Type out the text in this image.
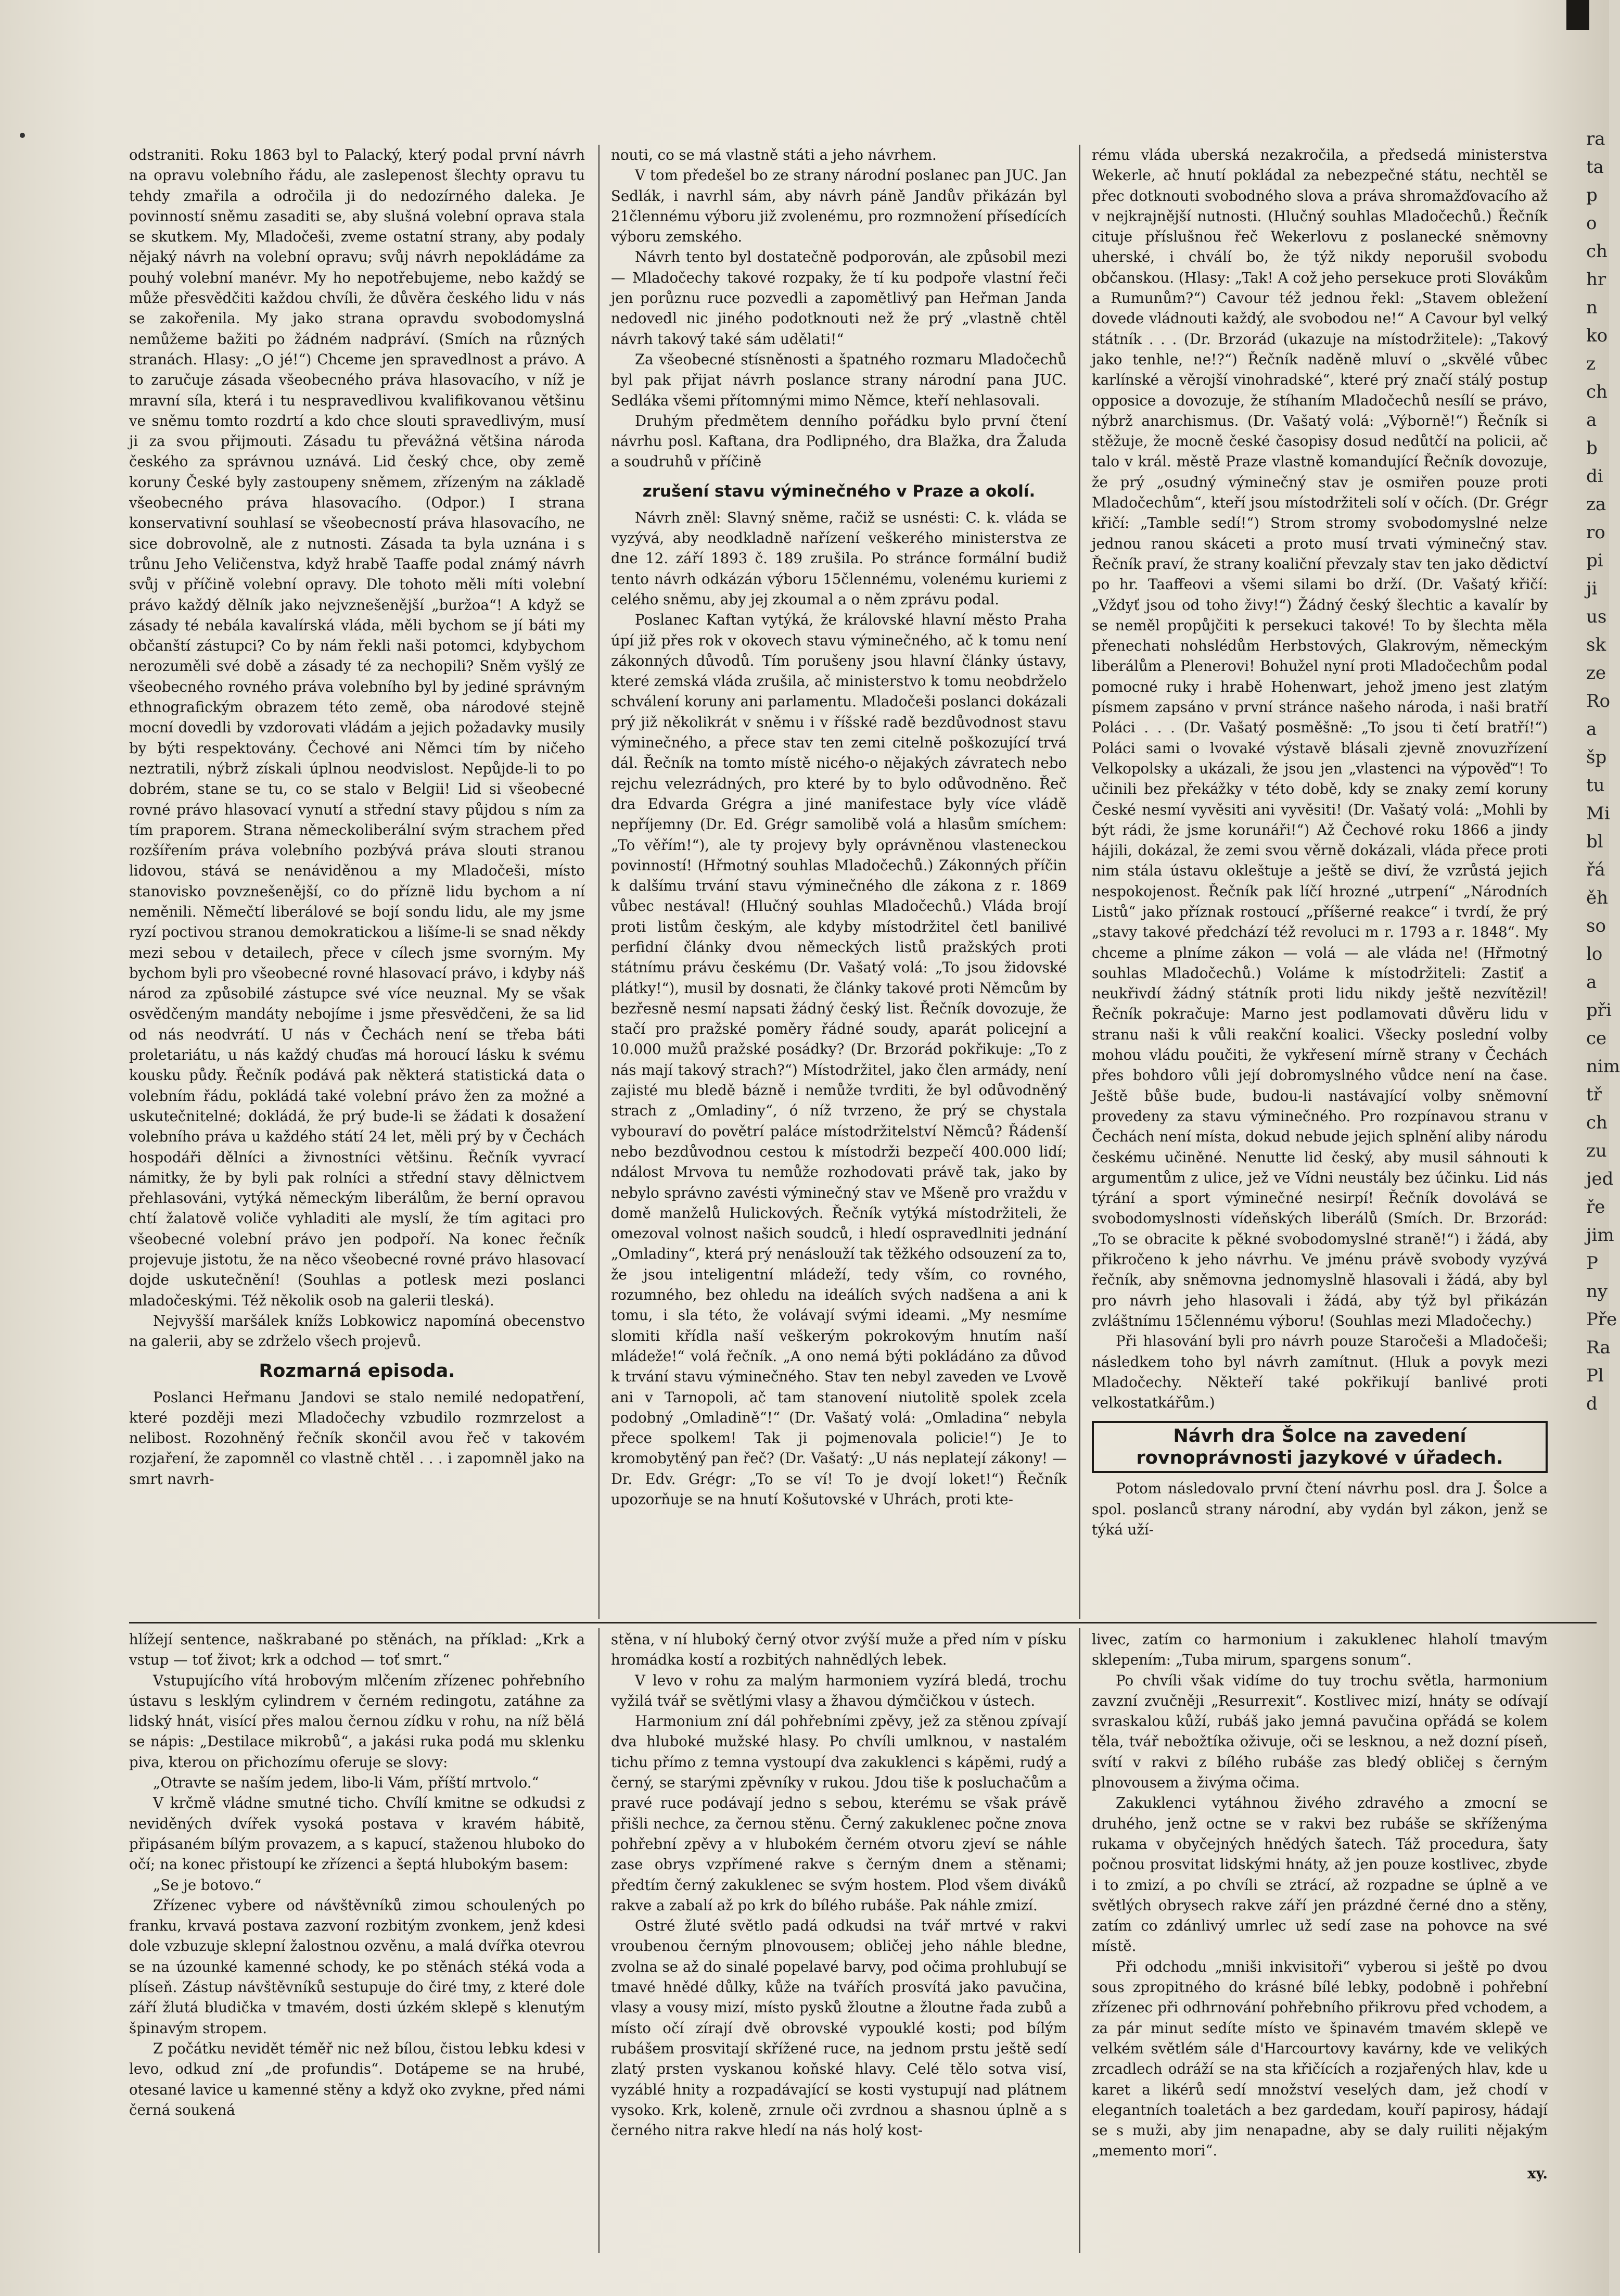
ra
ta
p
o
ch
hr
n
ko
z
ch
a
b
di
za
ro
pi
ji
us
sk
ze
Ro
a
šp
tu
Mi
bl
řá
ěh
so
lo
a
při
ce
nim
tř
ch
zu
jed
ře
jim
P
ny
Pře
Ra
Pl
d

odstraniti. Roku 1863 byl to Palacký, který podal první návrh na opravu volebního řádu, ale zaslepenost šlechty opravu tu tehdy zmařila a odročila ji do nedozírného daleka. Je povinností sněmu zasaditi se, aby slušná volební oprava stala se skutkem. My, Mladočeši, zveme ostatní strany, aby podaly nějaký návrh na volební opravu; svůj návrh nepokládáme za pouhý volební manévr. My ho nepotřebujeme, nebo každý se může přesvědčiti každou chvíli, že důvěra českého lidu v nás se zakořenila. My jako strana opravdu svobodomyslná nemůžeme bažiti po žádném nadpráví. (Smích na různých stranách. Hlasy: „O jé!“) Chceme jen spravedlnost a právo. A to zaručuje zásada všeobecného práva hlasovacího, v níž je mravní síla, která i tu nespravedlivou kvalifikovanou většinu ve sněmu tomto rozdrtí a kdo chce slouti spravedlivým, musí ji za svou přijmouti. Zásadu tu převážná většina národa českého za správnou uznává. Lid český chce, oby země koruny České byly zastoupeny sněmem, zřízeným na základě všeobecného práva hlasovacího. (Odpor.) I strana konservativní souhlasí se všeobecností práva hlasovacího, ne sice dobrovolně, ale z nutnosti. Zásada ta byla uznána i s trůnu Jeho Veličenstva, když hrabě Taaffe podal známý návrh svůj v příčině volební opravy. Dle tohoto měli míti volební právo každý dělník jako nejvznešenější „buržoa“! A když se zásady té nebála kavalírská vláda, měli bychom se jí báti my občanští zástupci? Co by nám řekli naši potomci, kdybychom nerozuměli své době a zásady té za nechopili? Sněm vyšlý ze všeobecného rovného práva volebního byl by jediné správným ethnografickým obrazem této země, oba národové stejně mocní dovedli by vzdorovati vládám a jejich požadavky musily by býti respektovány. Čechové ani Němci tím by ničeho neztratili, nýbrž získali úplnou neodvislost. Nepůjde-li to po dobrém, stane se tu, co se stalo v Belgii! Lid si všeobecné rovné právo hlasovací vynutí a střední stavy půjdou s ním za tím praporem. Strana německoliberální svým strachem před rozšířením práva volebního pozbývá práva slouti stranou lidovou, stává se nenáviděnou a my Mladočeši, místo stanovisko povznešenější, co do příznë lidu bychom a ní neměnili. Němečtí liberálové se bojí sondu lidu, ale my jsme ryzí poctivou stranou demokratickou a lišíme-li se snad někdy mezi sebou v detailech, přece v cílech jsme svorným. My bychom byli pro všeobecné rovné hlasovací právo, i kdyby náš národ za způsobilé zástupce své více neuznal. My se však osvědčeným mandáty nebojíme i jsme přesvědčeni, že sa lid od nás neodvrátí. U nás v Čechách není se třeba báti proletariátu, u nás každý chuďas má horoucí lásku k svému kousku půdy. Řečník podává pak některá statistická data o volebním řádu, pokládá také volební právo žen za možné a uskutečnitelné; dokládá, že prý bude-li se žádati k dosažení volebního práva u každého státí 24 let, měli prý by v Čechách hospodáři dělníci a živnostníci většinu. Řečník vyvrací námitky, že by byli pak rolníci a střední stavy dělnictvem přehlasováni, vytýká německým liberálům, že berní opravou chtí žalatově voliče vyhladiti ale myslí, že tím agitaci pro všeobecné volební právo jen podpoří. Na konec řečník projevuje jistotu, že na něco všeobecné rovné právo hlasovací dojde uskutečnění! (Souhlas a potlesk mezi poslanci mladočeskými. Též několik osob na galerii tleská).

Nejvyšší maršálek knížs Lobkowicz napomíná obecenstvo na galerii, aby se zdrželo všech projevů.

Rozmarná episoda.

Poslanci Heřmanu Jandovi se stalo nemilé nedopatření, které později mezi Mladočechy vzbudilo rozmrzelost a nelibost. Rozohněný řečník skončil avou řeč v takovém rozjaření, že zapomněl co vlastně chtěl . . . i zapomněl jako na smrt navrh-

nouti, co se má vlastně státi a jeho návrhem.

V tom předešel bo ze strany národní poslanec pan JUC. Jan Sedlák, i navrhl sám, aby návrh páně Jandův přikázán byl 21člennému výboru již zvolenému, pro rozmnožení přísedících výboru zemského.

Návrh tento byl dostatečně podporován, ale způsobil mezi— Mladočechy takové rozpaky, že tí ku podpoře vlastní řeči jen porůznu ruce pozvedli a zapomětlivý pan Heřman Janda nedovedl nic jiného podotknouti než že prý „vlastně chtěl návrh takový také sám udělati!“

Za všeobecné stísněnosti a špatného rozmaru Mladočechů byl pak přijat návrh poslance strany národní pana JUC. Sedláka všemi přítomnými mimo Němce, kteří nehlasovali.

Druhým předmětem denního pořádku bylo první čtení návrhu posl. Kaftana, dra Podlipného, dra Blažka, dra Žaluda a soudruhů v příčině

zrušení stavu výminečného v Praze a okolí.

Návrh zněl: Slavný sněme, račiž se usnésti: C. k. vláda se vyzývá, aby neodkladně nařízení veškerého ministerstva ze dne 12. září 1893 č. 189 zrušila. Po stránce formální budiž tento návrh odkázán výboru 15člennému, volenému kuriemi z celého sněmu, aby jej zkoumal a o něm zprávu podal.

Poslanec Kaftan vytýká, že královské hlavní město Praha úpí již přes rok v okovech stavu výminečného, ač k tomu není zákonných důvodů. Tím porušeny jsou hlavní články ústavy, které zemská vláda zrušila, ač ministerstvo k tomu neobdrželo schválení koruny ani parlamentu. Mladočeši poslanci dokázali prý již několikrát v sněmu i v říšské radě bezdůvodnost stavu výminečného, a přece stav ten zemi citelně poškozující trvá dál. Řečník na tomto místě nicého-o nějakých závratech nebo rejchu velezrádných, pro které by to bylo odůvodněno. Řeč dra Edvarda Grégra a jiné manifestace byly více vládě nepříjemny (Dr. Ed. Grégr samolibě volá a hlasům smíchem: „To věřím!“), ale ty projevy byly oprávněnou vlasteneckou povinností! (Hřmotný souhlas Mladočechů.) Zákonných příčin k dalšímu trvání stavu výminečného dle zákona z r. 1869 vůbec nestával! (Hlučný souhlas Mladočechů.) Vláda brojí proti listům českým, ale kdyby místodržitel četl banilivé perfidní články dvou německých listů pražských proti státnímu právu českému (Dr. Vašatý volá: „To jsou židovské plátky!“), musil by dosnati, že články takové proti Němcům by bezřesně nesmí napsati žádný český list. Řečník dovozuje, že stačí pro pražské poměry řádné soudy, aparát policejní a 10.000 mužů pražské posádky? (Dr. Brzorád pokřikuje: „To z nás mají takový strach?“) Místodržitel, jako člen armády, není zajisté mu bledě bázně i nemůže tvrditi, že byl odůvodněný strach z „Omladiny“, ó níž tvrzeno, že prý se chystala vybouraví do povětrí paláce místodržitelství Němců? Řádenší nebo bezdůvodnou cestou k místodrži bezpečí 400.000 lidí; ndálost Mrvova tu nemůže rozhodovati právě tak, jako by nebylo správno zavésti výminečný stav ve Mšeně pro vraždu v domě manželů Hulickových. Řečník vytýká místodržiteli, že omezoval volnost našich soudců, i hledí ospravedlniti jednání „Omladiny“, která prý nenáslouží tak těžkého odsouzení za to, že jsou inteligentní mládeží, tedy vším, co rovného, rozumného, bez ohledu na ideálích svých nadšena a ani k tomu, i sla této, že volávají svými ideami. „My nesmíme slomiti křídla naší veškerým pokrokovým hnutím naší mládeže!“ volá řečník. „A ono nemá býti pokládáno za důvod k trvání stavu výminečného. Stav ten nebyl zaveden ve Lvově ani v Tarnopoli, ač tam stanovení niutolitě spolek zcela podobný „Omladině“!“ (Dr. Vašatý volá: „Omladina“ nebyla přece spolkem! Tak ji pojmenovala policie!“) Je to kromobytěný pan řeč? (Dr. Vašatý: „U nás neplatejí zákony! — Dr. Edv. Grégr: „To se ví! To je dvojí loket!“) Řečník upozorňuje se na hnutí Košutovské v Uhrách, proti kte-

rému vláda uberská nezakročila, a předsedá ministerstva Wekerle, ač hnutí pokládal za nebezpečné státu, nechtěl se přec dotknouti svobodného slova a práva shromažďovacího až v nejkrajnější nutnosti. (Hlučný souhlas Mladočechů.) Řečník cituje příslušnou řeč Wekerlovu z poslanecké sněmovny uherské, i chválí bo, že týž nikdy neporušil svobodu občanskou. (Hlasy: „Tak! A což jeho persekuce proti Slovákům a Rumunům?“) Cavour též jednou řekl: „Stavem obležení dovede vládnouti každý, ale svobodou ne!“ A Cavour byl velký státník . . . (Dr. Brzorád (ukazuje na místodržitele): „Takový jako tenhle, ne!?“) Řečník naděně mluví o „skvělé vůbec karlínské a věrojší vinohradské“, které prý značí stálý postup opposice a dovozuje, že stíhaním Mladočechů nesílí se právo, nýbrž anarchismus. (Dr. Vašatý volá: „Výborně!“) Řečník si stěžuje, že mocně české časopisy dosud nedůtčí na policii, ač talo v král. městě Praze vlastně komandující Řečník dovozuje, že prý „osudný výminečný stav je osmiřen pouze proti Mladočechům“, kteří jsou místodržiteli solí v očích. (Dr. Grégr křičí: „Tamble sedí!“) Strom stromy svobodomyslné nelze jednou ranou skáceti a proto musí trvati výminečný stav. Řečník praví, že strany koaliční převzaly stav ten jako dědictví po hr. Taaffeovi a všemi silami bo drží. (Dr. Vašatý křičí: „Vždyť jsou od toho živy!“) Žádný český šlechtic a kavalír by se neměl propůjčiti k persekuci takové! To by šlechta měla přenechati nohslédům Herbstových, Glakrovým, německým liberálům a Plenerovi! Bohužel nyní proti Mladočechům podal pomocné ruky i hrabě Hohenwart, jehož jmeno jest zlatým písmem zapsáno v první stránce našeho národa, i naši bratří Poláci . . . (Dr. Vašatý posměšně: „To jsou ti četí bratří!“) Poláci sami o lvovaké výstavě blásali zjevně znovuzřízení Velkopolsky a ukázali, že jsou jen „vlastenci na výpověď“! To učinili bez překážky v této době, kdy se znaky zemí koruny České nesmí vyvěsiti ani vyvěsiti! (Dr. Vašatý volá: „Mohli by být rádi, že jsme korunáři!“) Až Čechové roku 1866 a jindy hájili, dokázal, že zemi svou věrně dokázali, vláda přece proti nim stála ústavu okleštuje a ještě se diví, že vzrůstá jejich nespokojenost. Řečník pak líčí hrozné „utrpení“ „Národních Listů“ jako příznak rostoucí „příšerné reakce“ i tvrdí, že prý „stavy takové předchází též revoluci m r. 1793 a r. 1848“. My chceme a plníme zákon — volá — ale vláda ne! (Hřmotný souhlas Mladočechů.) Voláme k místodržiteli: Zastiť a neukřivdí žádný státník proti lidu nikdy ještě nezvítězil! Řečník pokračuje: Marno jest podlamovati důvěru lidu v stranu naši k vůli reakční koalici. Všecky poslední volby mohou vládu poučiti, že vykřesení mírně strany v Čechách přes bohdoro vůli její dobromyslného vůdce není na čase. Ještě bůše bude, budou-li nastávající volby sněmovní provedeny za stavu výminečného. Pro rozpínavou stranu v Čechách není místa, dokud nebude jejich splnění aliby národu českému učiněné. Nenutte lid český, aby musil sáhnouti k argumentům z ulice, jež ve Vídni neustály bez účinku. Lid nás týrání a sport výminečné nesirpí! Řečník dovolává se svobodomyslnosti vídeňských liberálů (Smích. Dr. Brzorád: „To se obracite k pěkné svobodomyslné straně!“) i žádá, aby přikročeno k jeho návrhu. Ve jménu právě svobody vyzývá řečník, aby sněmovna jednomyslně hlasovali i žádá, aby byl pro návrh jeho hlasovali i žádá, aby týž byl přikázán zvláštnímu 15člennému výboru! (Souhlas mezi Mladočechy.)

Při hlasování byli pro návrh pouze Staročeši a Mladočeši; následkem toho byl návrh zamítnut. (Hluk a povyk mezi Mladočechy. Někteří také pokřikují banlivé proti velkostatkářům.)

Návrh dra Šolce na zavedení rovnoprávnosti jazykové v úřadech.

Potom následovalo první čtení návrhu posl. dra J. Šolce a spol. poslanců strany národní, aby vydán byl zákon, jenž se týká uží-

hlížejí sentence, naškrabané po stěnách, na příklad: „Krk a vstup — toť život; krk a odchod — toť smrt.“

Vstupujícího vítá hrobovým mlčením zřízenec pohřebního ústavu s lesklým cylindrem v černém redingotu, zatáhne za lidský hnát, visící přes malou černou zídku v rohu, na níž bělá se nápis: „Destilace mikrobů“, a jakási ruka podá mu sklenku piva, kterou on přichozímu oferuje se slovy:

„Otravte se naším jedem, libo-li Vám, příští mrtvolo.“

V krčmě vládne smutné ticho. Chvílí kmitne se odkudsi z neviděných dvířek vysoká postava v kravém hábitě, připásaném bílým provazem, a s kapucí, staženou hluboko do očí; na konec přistoupí ke zřízenci a šeptá hlubokým basem:

„Se je botovo.“

Zřízenec vybere od návštěvníků zimou schoulených po franku, krvavá postava zazvoní rozbitým zvonkem, jenž kdesi dole vzbuzuje sklepní žalostnou ozvěnu, a malá dvířka otevrou se na úzounké kamenné schody, ke po stěnách stéká voda a plíseň. Zástup návštěvníků sestupuje do čiré tmy, z které dole září žlutá bludička v tmavém, dosti úzkém sklepě s klenutým špinavým stropem.

Z počátku nevidět téměř nic než bílou, čistou lebku kdesi v levo, odkud zní „de profundis“. Dotápeme se na hrubé, otesané lavice u kamenné stěny a když oko zvykne, před námi černá soukená

stěna, v ní hluboký černý otvor zvýší muže a před ním v písku hromádka kostí a rozbitých nahnědlých lebek.

V levo v rohu za malým harmoniem vyzírá bledá, trochu vyžilá tvář se světlými vlasy a žhavou dýmčičkou v ústech.

Harmonium zní dál pohřebními zpěvy, jež za stěnou zpívají dva hluboké mužské hlasy. Po chvíli umlknou, v nastalém tichu přímo z temna vystoupí dva zakuklenci s kápěmi, rudý a černý, se starými zpěvníky v rukou. Jdou tiše k posluchačům a pravé ruce podávají jedno s sebou, kterému se však právě přišli nechce, za černou stěnu. Černý zakuklenec počne znova pohřební zpěvy a v hlubokém černém otvoru zjeví se náhle zase obrys vzpřímené rakve s černým dnem a stěnami; předtím černý zakuklenec se svým hostem. Plod všem diváků rakve a zabalí až po krk do bílého rubáše. Pak náhle zmizí.

Ostré žluté světlo padá odkudsi na tvář mrtvé v rakvi vroubenou černým plnovousem; obličej jeho náhle bledne, zvolna se až do sinalé popelavé barvy, pod očima prohlubují se tmavé hnědé důlky, kůže na tvářích prosvítá jako pavučina, vlasy a vousy mizí, místo pysků žloutne a žloutne řada zubů a místo očí zírají dvě obrovské vypouklé kosti; pod bílým rubášem prosvitají skřížené ruce, na jednom prstu ještě sedí zlatý prsten vyskanou koňské hlavy. Celé tělo sotva visí, vyzáblé hnity a rozpadávající se kosti vystupují nad plátnem vysoko. Krk, koleně, zrnule oči zvrdnou a shasnou úplně a s černého nitra rakve hledí na nás holý kost-

livec, zatím co harmonium i zakuklenec hlaholí tmavým sklepením: „Tuba mirum, spargens sonum“.

Po chvíli však vidíme do tuy trochu světla, harmonium zavzní zvučněji „Resurrexit“. Kostlivec mizí, hnáty se odívají svraskalou kůží, rubáš jako jemná pavučina opřádá se kolem těla, tvář nebožtíka oživuje, oči se lesknou, a než dozní píseň, svítí v rakvi z bílého rubáše zas bledý obličej s černým plnovousem a živýma očima.

Zakuklenci vytáhnou živého zdravého a zmocní se druhého, jenž octne se v rakvi bez rubáše se skříženýma rukama v obyčejných hnědých šatech. Táž procedura, šaty počnou prosvitat lidskými hnáty, až jen pouze kostlivec, zbyde i to zmizí, a po chvíli se ztrácí, až rozpadne se úplně a ve světlých obrysech rakve září jen prázdné černé dno a stěny, zatím co zdánlivý umrlec už sedí zase na pohovce na své místě.

Při odchodu „mniši inkvisitoři“ vyberou si ještě po dvou sous zpropitného do krásné bílé lebky, podobně i pohřební zřízenec při odhrnování pohřebního přikrovu před vchodem, a za pár minut sedíte místo ve špinavém tmavém sklepě ve velkém světlém sále d'Harcourtovy kavárny, kde ve velikých zrcadlech odráží se na sta křičících a rozjařených hlav, kde u karet a likérů sedí množství veselých dam, jež chodí v elegantních toaletách a bez gardedam, kouří papirosy, hádají se s muži, aby jim nenapadne, aby se daly ruiliti nějakým „memento mori“.

xy.
